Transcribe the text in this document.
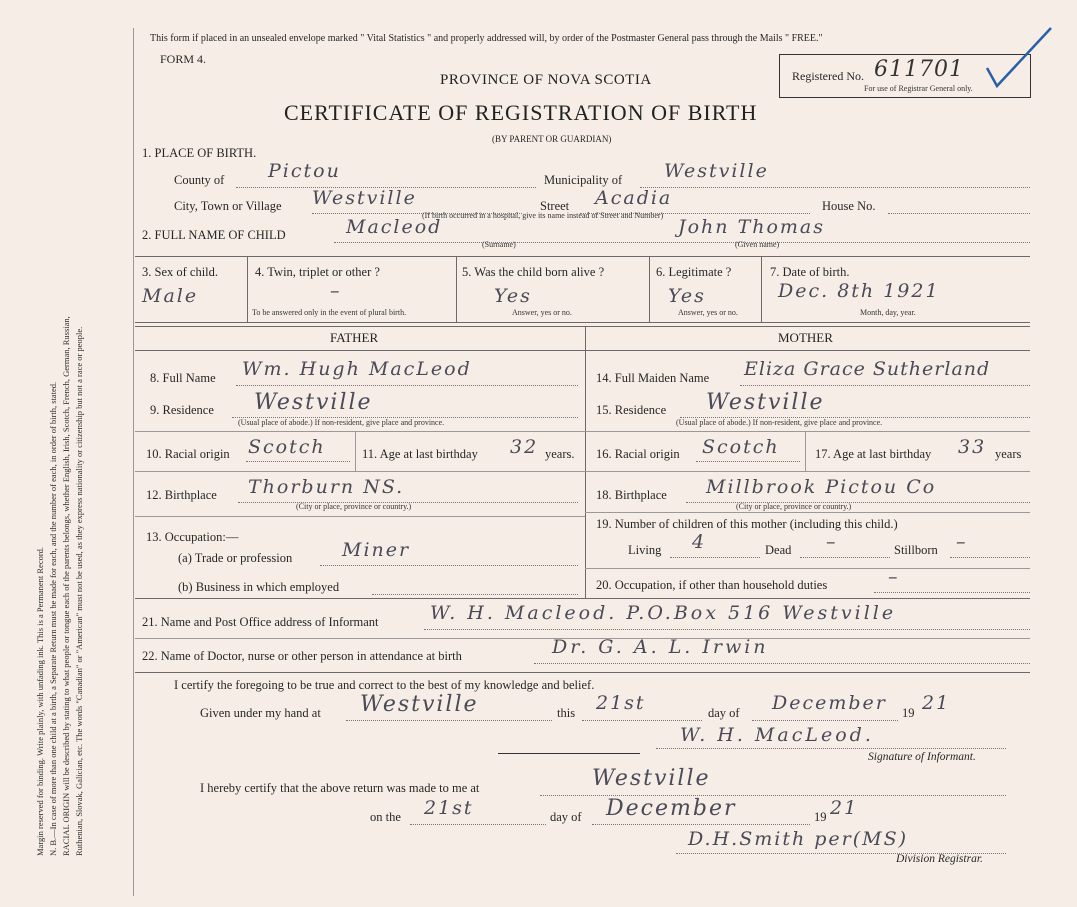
Margin reserved for binding. Write plainly, with unfading ink. This is a Permanent Record. N. B.—In case of more than one child at a birth, a Separate Return must be made for each, and the number of each, in order of birth, stated. RACIAL ORIGIN will be described by stating to what people or tongue each of the parents belongs, whether English, Irish, Scotch, French, German, Russian, Ruthenian, Slovak, Galician, etc. The words "Canadian" or "American" must not be used, as they express nationality or citizenship but not a race or people.
This form if placed in an unsealed envelope marked " Vital Statistics " and properly addressed will, by order of the Postmaster General pass through the Mails " FREE."
FORM 4.
PROVINCE OF NOVA SCOTIA
CERTIFICATE OF REGISTRATION OF BIRTH
(BY PARENT OR GUARDIAN)
Registered No. 611701
For use of Registrar General only.
1. PLACE OF BIRTH.
County of Pictou	Municipality of Westville
City, Town or Village Westville	Street Acadia	House No.
(If birth occurred in a hospital, give its name instead of Street and Number)
2. FULL NAME OF CHILD	Macleod	John Thomas
(Surname)	(Given name)
3. Sex of child.
Male
4. Twin, triplet or other ?
–
To be answered only in the event of plural birth.
5. Was the child born alive ?
Yes
Answer, yes or no.
6. Legitimate ?
Yes
Answer, yes or no.
7. Date of birth.
Dec. 8th 1921
Month, day, year.
FATHER	MOTHER
8. Full Name Wm. Hugh MacLeod
9. Residence Westville
(Usual place of abode.) If non-resident, give place and province.
10. Racial origin Scotch	11. Age at last birthday 32 years.
12. Birthplace Thorburn NS.
(City or place, province or country.)
13. Occupation:—
(a) Trade or profession	Miner
(b) Business in which employed
14. Full Maiden Name Eliza Grace Sutherland
15. Residence Westville
(Usual place of abode.) If non-resident, give place and province.
16. Racial origin Scotch	17. Age at last birthday 33 years
18. Birthplace Millbrook Pictou Co
(City or place, province or country.)
19. Number of children of this mother (including this child.)
Living 4	Dead –	Stillborn –
20. Occupation, if other than household duties	–
21. Name and Post Office address of Informant	W. H. Macleod. P.O.Box 516 Westville
22. Name of Doctor, nurse or other person in attendance at birth	Dr. G. A. L. Irwin
I certify the foregoing to be true and correct to the best of my knowledge and belief.
Given under my hand at Westville	this 21st	day of December 19 21
W. H. MacLeod.
Signature of Informant.
I hereby certify that the above return was made to me at	Westville
on the 21st	day of December	19 21
D.H.Smith per(MS)
Division Registrar.
